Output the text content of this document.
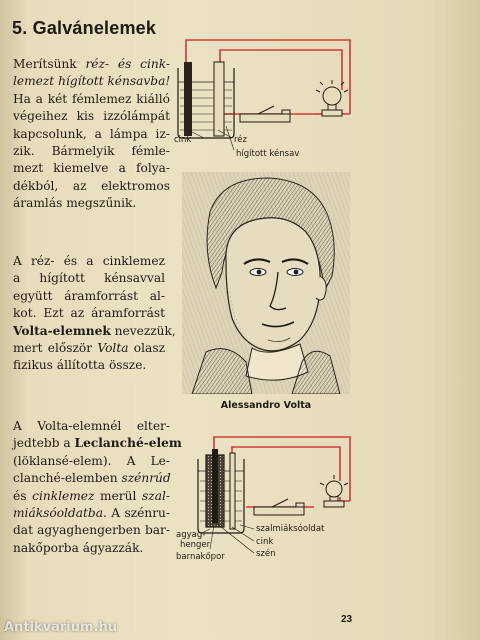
5. Galvánelemek
Merítsünk réz- és cink-
lemezt hígított kénsavba!
Ha a két fémlemez kiálló
végeihez kis izzólámpát
kapcsolunk, a lámpa iz-
zik. Bármelyik fémle-
mezt kiemelve a folya-
dékból, az elektromos
áramlás megszűnik.
cink	réz
hígított kénsav
A réz- és a cinklemez
a hígított kénsavval
együtt áramforrást al-
kot. Ezt az áramforrást
Volta-elemnek nevezzük,
mert először Volta olasz
fizikus állította össze.
Alessandro Volta
A Volta-elemnél elter-
jedtebb a Leclanché-elem
(löklansé-elem). A Le-
clanché-elemben szénrúd
és cinklemez merül szal-
miáksóoldatba. A szénru-
dat agyaghengerben bar-
nakőporba ágyazzák.
agyag-
henger
barnakőpor
szalmiáksóoldat
cink
szén
23
Antikvarium.hu
